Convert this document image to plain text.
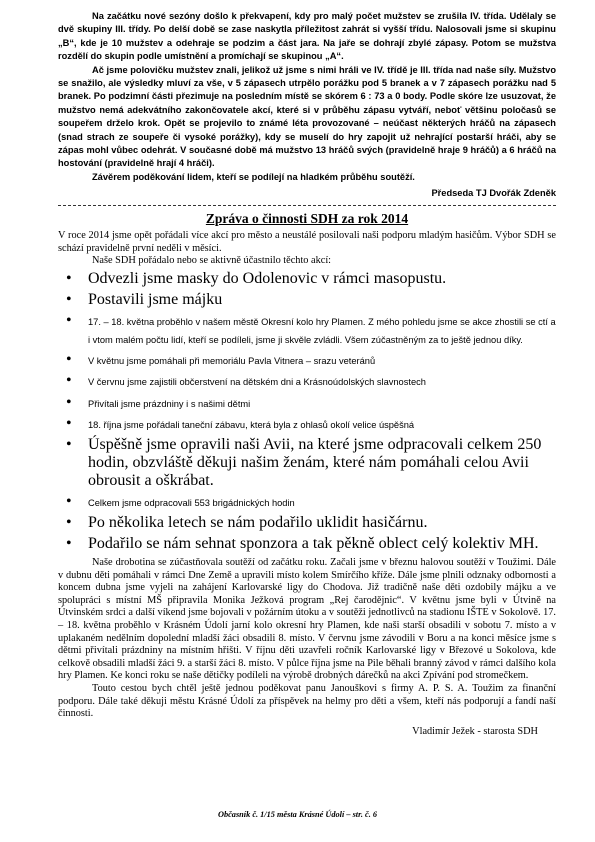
Na začátku nové sezóny došlo k překvapení, kdy pro malý počet mužstev se zrušila IV. třída. Udělaly se dvě skupiny III. třídy. Po delší době se zase naskytla příležitost zahrát si vyšší třídu. Nalosovali jsme si skupinu „B“, kde je 10 mužstev a odehraje se podzim a část jara. Na jaře se dohrají zbylé zápasy. Potom se mužstva rozdělí do skupin podle umístnění a promíchají se skupinou „A“.

Ač jsme polovičku mužstev znali, jelikož už jsme s nimi hráli ve IV. třídě je III. třída nad naše síly. Mužstvo se snažilo, ale výsledky mluví za vše, v 5 zápasech utrpělo porážku pod 5 branek a v 7 zápasech porážku nad 5 branek. Po podzimní části přezimuje na posledním místě se skórem 6 : 73 a 0 body. Podle skóre lze usuzovat, že mužstvo nemá adekvátního zakončovatele akcí, které si v průběhu zápasu vytváří, neboť většinu poločasů se soupeřem drželo krok. Opět se projevilo to známé léta provozované – neúčast některých hráčů na zápasech (snad strach ze soupeře či vysoké porážky), kdy se muselí do hry zapojit už nehrající postarší hráči, aby se zápas mohl vůbec odehrát. V současné době má mužstvo 13 hráčů svých (pravidelně hraje 9 hráčů) a 6 hráčů na hostování (pravidelně hrají 4 hráči).

Závěrem poděkování lidem, kteří se podílejí na hladkém průběhu soutěží.

Předseda TJ Dvořák Zdeněk

Zpráva o činnosti SDH za rok 2014

V roce 2014 jsme opět pořádali více akcí pro město a neustálé posilovali naši podporu mladým hasičům. Výbor SDH se schází pravidelně první neděli v měsíci.

Naše SDH pořádalo nebo se aktivně účastnilo těchto akcí:

• Odvezli jsme masky do Odolenovic v rámci masopustu.
• Postavili jsme májku
• 17. – 18. května proběhlo v našem městě Okresní kolo hry Plamen. Z mého pohledu jsme se akce zhostili se ctí a i vtom malém počtu lidí, kteří se podíleli, jsme ji skvěle zvládli. Všem zúčastněným za to ještě jednou díky.
• V květnu jsme pomáhali při memoriálu Pavla Vitnera – srazu veteránů
• V červnu jsme zajistili občerstvení na dětském dni a Krásnoúdolských slavnostech
• Přivítali jsme prázdniny i s našimi dětmi
• 18. října jsme pořádali taneční zábavu, která byla z ohlasů okolí velice úspěšná
• Úspěšně jsme opravili naši Avii, na které jsme odpracovali celkem 250 hodin, obzvláště děkuji našim ženám, které nám pomáhali celou Avii obrousit a oškrábat.
• Celkem jsme odpracovali 553 brigádnických hodin
• Po několika letech se nám podařilo uklidit hasičárnu.
• Podařilo se nám sehnat sponzora a tak pěkně oblect celý kolektiv MH.

Naše drobotina se zúčastňovala soutěží od začátku roku. Začali jsme v březnu halovou soutěží v Toužimi. Dále v dubnu děti pomáhali v rámci Dne Země a upravili místo kolem Smírčího kříže. Dále jsme plnili odznaky odbornosti a koncem dubna jsme vyjeli na zahájení Karlovarské ligy do Chodova. Již tradičně naše děti ozdobily májku a ve spolupráci s místní MŠ připravila Monika Ježková program „Rej čarodějnic“. V květnu jsme byli v Útvině na Útvinském srdci a další víkend jsme bojovali v požárním útoku a v soutěži jednotlivců na stadionu IŠTE v Sokolově. 17. – 18. května proběhlo v Krásném Údolí jarní kolo okresní hry Plamen, kde naši starší obsadili v sobotu 7. místo a v uplakaném nedělním dopolední mladší žáci obsadili 8. místo. V červnu jsme závodili v Boru a na konci měsíce jsme s dětmi přivítali prázdniny na místním hřišti. V říjnu děti uzavřeli ročník Karlovarské ligy v Březové u Sokolova, kde celkově obsadili mladší žáci 9. a starší žáci 8. místo. V půlce října jsme na Pile běhali branný závod v rámci dalšího kola hry Plamen. Ke konci roku se naše dětičky podíleli na výrobě drobných dárečků na akci Zpívání pod stromečkem.

Touto cestou bych chtěl ještě jednou poděkovat panu Janouškovi s firmy A. P. S. A. Toužim za finanční podporu. Dále také děkuji městu Krásné Údolí za příspěvek na helmy pro děti a všem, kteří nás podporují a fandí naší činnosti.

Vladimír Ježek - starosta SDH

Občasník č. 1/15 města Krásné Údolí – str. č. 6
